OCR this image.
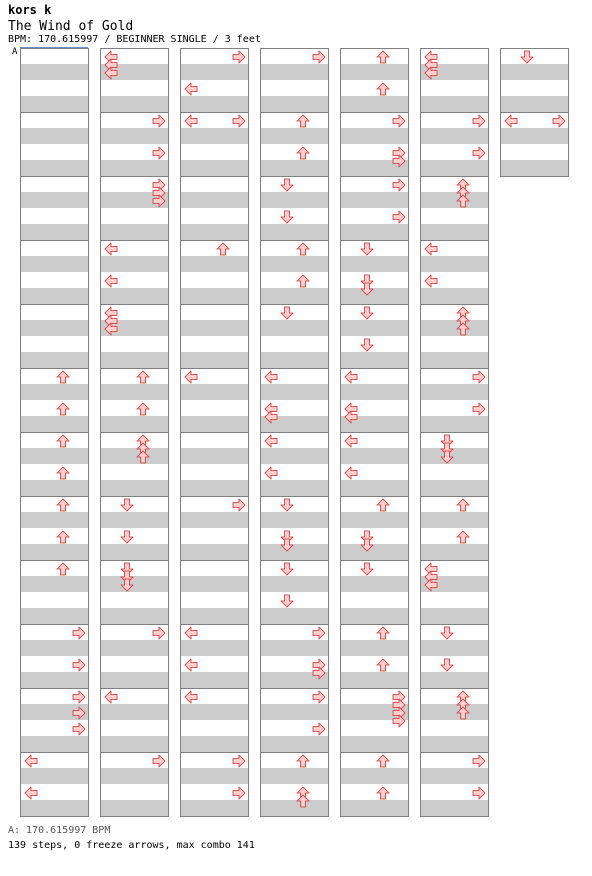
kors k
The Wind of Gold
BPM: 170.615997 / BEGINNER SINGLE / 3 feet
A
A: 170.615997 BPM
139 steps, 0 freeze arrows, max combo 141
